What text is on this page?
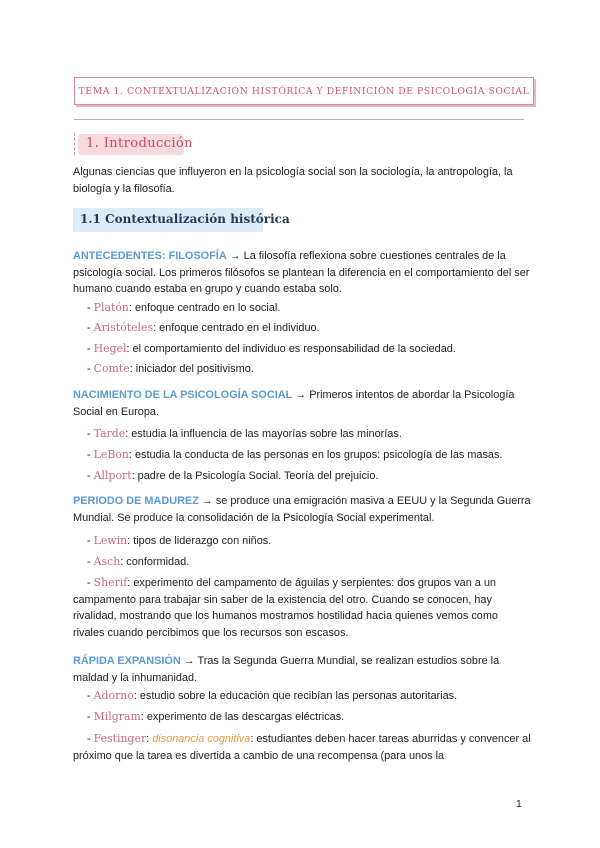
TEMA 1. CONTEXTUALIZACIÓN HISTÓRICA Y DEFINICIÓN DE PSICOLOGÍA SOCIAL
1. Introducción
Algunas ciencias que influyeron en la psicología social son la sociología, la antropología, la biología y la filosofía.
1.1 Contextualización histórica
ANTECEDENTES: FILOSOFÍA → La filosofía reflexiona sobre cuestiones centrales de la psicología social. Los primeros filósofos se plantean la diferencia en el comportamiento del ser humano cuando estaba en grupo y cuando estaba solo.
- Platón: enfoque centrado en lo social.
- Aristóteles: enfoque centrado en el individuo.
- Hegel: el comportamiento del individuo es responsabilidad de la sociedad.
- Comte: iniciador del positivismo.
NACIMIENTO DE LA PSICOLOGÍA SOCIAL → Primeros intentos de abordar la Psicología Social en Europa.
- Tarde: estudia la influencia de las mayorías sobre las minorías.
- LeBon: estudia la conducta de las personas en los grupos: psicología de las masas.
- Allport: padre de la Psicología Social. Teoría del prejuicio.
PERIODO DE MADUREZ → se produce una emigración masiva a EEUU y la Segunda Guerra Mundial. Se produce la consolidación de la Psicología Social experimental.
- Lewin: tipos de liderazgo con niños.
- Asch: conformidad.
- Sherif: experimento del campamento de águilas y serpientes: dos grupos van a un campamento para trabajar sin saber de la existencia del otro. Cuando se conocen, hay rivalidad, mostrando que los humanos mostramos hostilidad hacia quienes vemos como rivales cuando percibimos que los recursos son escasos.
RÁPIDA EXPANSIÓN → Tras la Segunda Guerra Mundial, se realizan estudios sobre la maldad y la inhumanidad.
- Adorno: estudio sobre la educación que recibían las personas autoritarias.
- Milgram: experimento de las descargas eléctricas.
- Festinger: disonancia cognitiva: estudiantes deben hacer tareas aburridas y convencer al próximo que la tarea es divertida a cambio de una recompensa (para unos la
1
